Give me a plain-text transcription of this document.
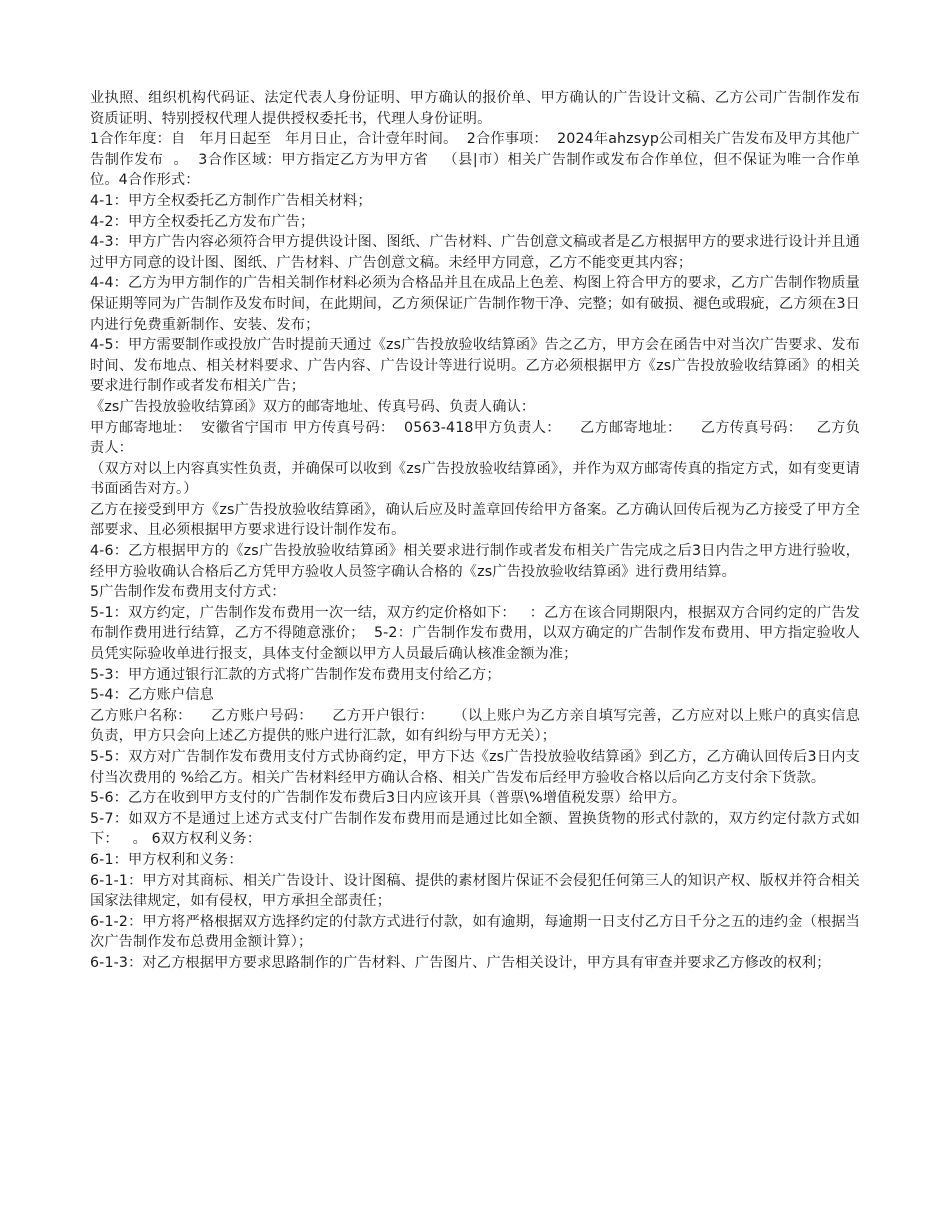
业执照、组织机构代码证、法定代表人身份证明、甲方确认的报价单、甲方确认的广告设计文稿、乙方公司广告制作发布资质证明、特别授权代理人提供授权委托书，代理人身份证明。

1合作年度：自   年月日起至   年月日止，合计壹年时间。  2合作事项：  2024年ahzsyp公司相关广告发布及甲方其他广告制作发布  。  3合作区域：甲方指定乙方为甲方省   （县|市）相关广告制作或发布合作单位，但不保证为唯一合作单位。4合作形式：

4-1：甲方全权委托乙方制作广告相关材料；

4-2：甲方全权委托乙方发布广告；

4-3：甲方广告内容必须符合甲方提供设计图、图纸、广告材料、广告创意文稿或者是乙方根据甲方的要求进行设计并且通过甲方同意的设计图、图纸、广告材料、广告创意文稿。未经甲方同意，乙方不能变更其内容；

4-4：乙方为甲方制作的广告相关制作材料必须为合格品并且在成品上色差、构图上符合甲方的要求，乙方广告制作物质量保证期等同为广告制作及发布时间，在此期间，乙方须保证广告制作物干净、完整；如有破损、褪色或瑕疵，乙方须在3日内进行免费重新制作、安装、发布；

4-5：甲方需要制作或投放广告时提前天通过《zs广告投放验收结算函》告之乙方，甲方会在函告中对当次广告要求、发布时间、发布地点、相关材料要求、广告内容、广告设计等进行说明。乙方必须根据甲方《zs广告投放验收结算函》的相关要求进行制作或者发布相关广告；

《zs广告投放验收结算函》双方的邮寄地址、传真号码、负责人确认：

甲方邮寄地址：  安徽省宁国市 甲方传真号码：  0563-418甲方负责人：    乙方邮寄地址：    乙方传真号码：   乙方负责人：

（双方对以上内容真实性负责，并确保可以收到《zs广告投放验收结算函》，并作为双方邮寄传真的指定方式，如有变更请书面函告对方。）

乙方在接受到甲方《zs广告投放验收结算函》，确认后应及时盖章回传给甲方备案。乙方确认回传后视为乙方接受了甲方全部要求、且必须根据甲方要求进行设计制作发布。

4-6：乙方根据甲方的《zs广告投放验收结算函》相关要求进行制作或者发布相关广告完成之后3日内告之甲方进行验收，经甲方验收确认合格后乙方凭甲方验收人员签字确认合格的《zs广告投放验收结算函》进行费用结算。

5广告制作发布费用支付方式：

5-1：双方约定，广告制作发布费用一次一结，双方约定价格如下：   ：乙方在该合同期限内，根据双方合同约定的广告发布制作费用进行结算，乙方不得随意涨价；  5-2：广告制作发布费用，以双方确定的广告制作发布费用、甲方指定验收人员凭实际验收单进行报支，具体支付金额以甲方人员最后确认核准金额为准；

5-3：甲方通过银行汇款的方式将广告制作发布费用支付给乙方；

5-4：乙方账户信息

乙方账户名称：    乙方账户号码：    乙方开户银行：    （以上账户为乙方亲自填写完善，乙方应对以上账户的真实信息负责，甲方只会向上述乙方提供的账户进行汇款，如有纠纷与甲方无关）；

5-5：双方对广告制作发布费用支付方式协商约定，甲方下达《zs广告投放验收结算函》到乙方，乙方确认回传后3日内支付当次费用的 %给乙方。相关广告材料经甲方确认合格、相关广告发布后经甲方验收合格以后向乙方支付余下货款。

5-6：乙方在收到甲方支付的广告制作发布费后3日内应该开具（普票\%增值税发票）给甲方。

5-7：如双方不是通过上述方式支付广告制作发布费用而是通过比如全额、置换货物的形式付款的，双方约定付款方式如下：   。 6双方权利义务：

6-1：甲方权利和义务：

6-1-1：甲方对其商标、相关广告设计、设计图稿、提供的素材图片保证不会侵犯任何第三人的知识产权、版权并符合相关国家法律规定，如有侵权，甲方承担全部责任；

6-1-2：甲方将严格根据双方选择约定的付款方式进行付款，如有逾期，每逾期一日支付乙方日千分之五的违约金（根据当次广告制作发布总费用金额计算）；

6-1-3：对乙方根据甲方要求思路制作的广告材料、广告图片、广告相关设计，甲方具有审查并要求乙方修改的权利；
